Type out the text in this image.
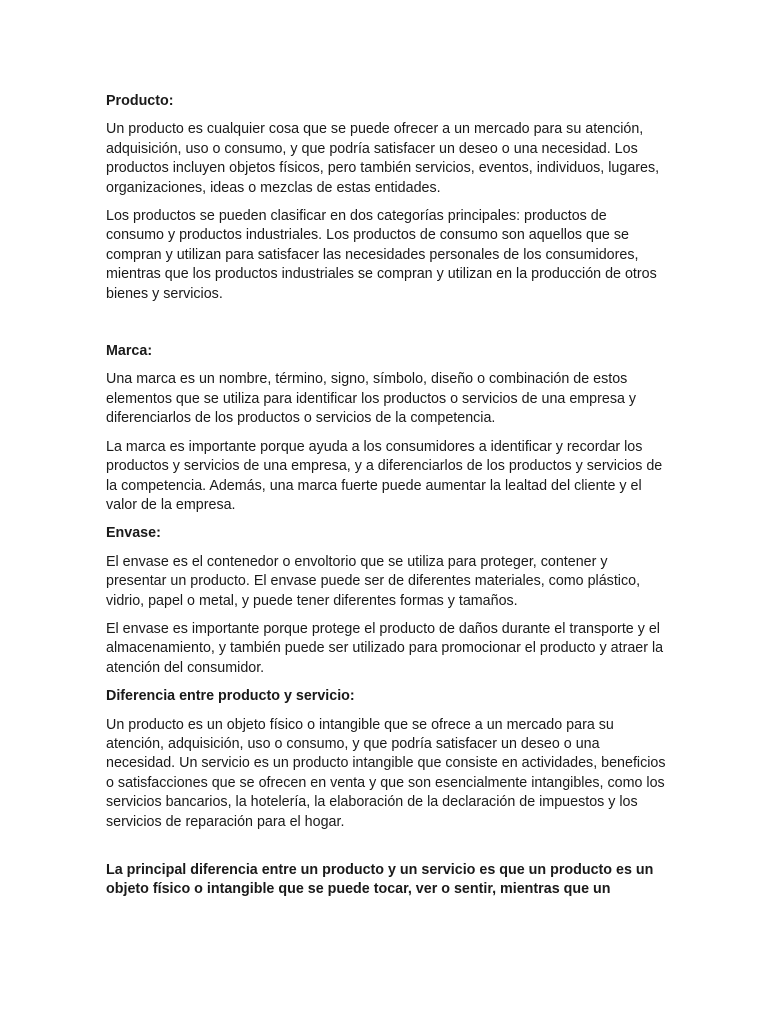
Producto:

Un producto es cualquier cosa que se puede ofrecer a un mercado para su atención, adquisición, uso o consumo, y que podría satisfacer un deseo o una necesidad. Los productos incluyen objetos físicos, pero también servicios, eventos, individuos, lugares, organizaciones, ideas o mezclas de estas entidades.

Los productos se pueden clasificar en dos categorías principales: productos de consumo y productos industriales. Los productos de consumo son aquellos que se compran y utilizan para satisfacer las necesidades personales de los consumidores, mientras que los productos industriales se compran y utilizan en la producción de otros bienes y servicios.

Marca:

Una marca es un nombre, término, signo, símbolo, diseño o combinación de estos elementos que se utiliza para identificar los productos o servicios de una empresa y diferenciarlos de los productos o servicios de la competencia.

La marca es importante porque ayuda a los consumidores a identificar y recordar los productos y servicios de una empresa, y a diferenciarlos de los productos y servicios de la competencia. Además, una marca fuerte puede aumentar la lealtad del cliente y el valor de la empresa.

Envase:

El envase es el contenedor o envoltorio que se utiliza para proteger, contener y presentar un producto. El envase puede ser de diferentes materiales, como plástico, vidrio, papel o metal, y puede tener diferentes formas y tamaños.

El envase es importante porque protege el producto de daños durante el transporte y el almacenamiento, y también puede ser utilizado para promocionar el producto y atraer la atención del consumidor.

Diferencia entre producto y servicio:

Un producto es un objeto físico o intangible que se ofrece a un mercado para su atención, adquisición, uso o consumo, y que podría satisfacer un deseo o una necesidad. Un servicio es un producto intangible que consiste en actividades, beneficios o satisfacciones que se ofrecen en venta y que son esencialmente intangibles, como los servicios bancarios, la hotelería, la elaboración de la declaración de impuestos y los servicios de reparación para el hogar.

La principal diferencia entre un producto y un servicio es que un producto es un objeto físico o intangible que se puede tocar, ver o sentir, mientras que un
